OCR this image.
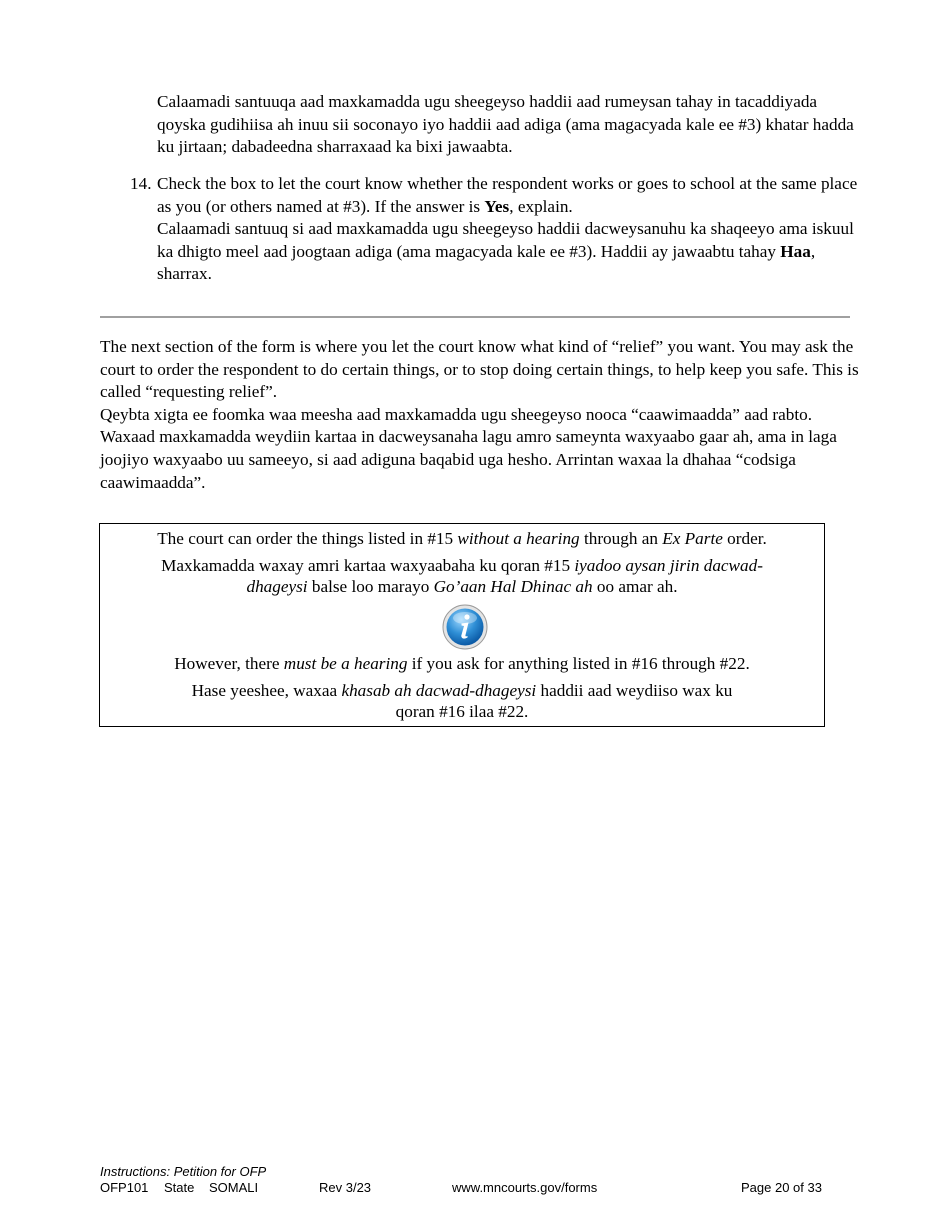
Calaamadi santuuqa aad maxkamadda ugu sheegeyso haddii aad rumeysan tahay in tacaddiyada qoyska gudihiisa ah inuu sii soconayo iyo haddii aad adiga (ama magacyada kale ee #3) khatar hadda ku jirtaan; dabadeedna sharraxaad ka bixi jawaabta.
14. Check the box to let the court know whether the respondent works or goes to school at the same place as you (or others named at #3). If the answer is Yes, explain.
Calaamadi santuuq si aad maxkamadda ugu sheegeyso haddii dacweysanuhu ka shaqeeyo ama iskuul ka dhigto meel aad joogtaan adiga (ama magacyada kale ee #3). Haddii ay jawaabtu tahay Haa, sharrax.
The next section of the form is where you let the court know what kind of “relief” you want. You may ask the court to order the respondent to do certain things, or to stop doing certain things, to help keep you safe. This is called “requesting relief”.
Qeybta xigta ee foomka waa meesha aad maxkamadda ugu sheegeyso nooca “caawimaadda” aad rabto. Waxaad maxkamadda weydiin kartaa in dacweysanaha lagu amro sameynta waxyaabo gaar ah, ama in laga joojiyo waxyaabo uu sameeyo, si aad adiguna baqabid uga hesho. Arrintan waxaa la dhahaa “codsiga caawimaadda”.
The court can order the things listed in #15 without a hearing through an Ex Parte order.
Maxkamadda waxay amri kartaa waxyaabaha ku qoran #15 iyadoo aysan jirin dacwad-dhageysi balse loo marayo Go’aan Hal Dhinac ah oo amar ah.
However, there must be a hearing if you ask for anything listed in #16 through #22.
Hase yeeshee, waxaa khasab ah dacwad-dhageysi haddii aad weydiiso wax ku qoran #16 ilaa #22.
Instructions: Petition for OFP
OFP101 State SOMALI	Rev 3/23	www.mncourts.gov/forms	Page 20 of 33
